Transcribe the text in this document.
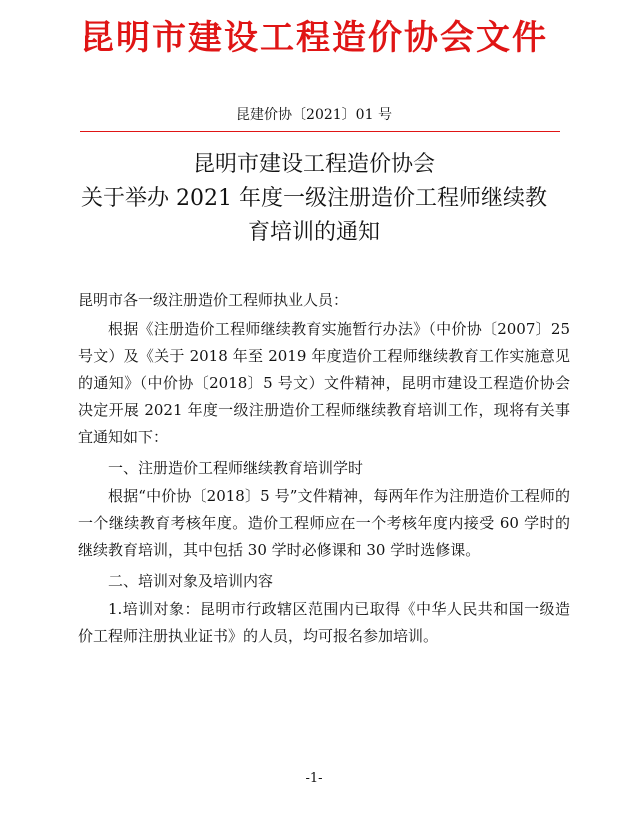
昆明市建设工程造价协会文件
昆建价协〔2021〕01 号
昆明市建设工程造价协会
关于举办 2021 年度一级注册造价工程师继续教
育培训的通知
昆明市各一级注册造价工程师执业人员：
根据《注册造价工程师继续教育实施暂行办法》（中价协〔2007〕25 号文）及《关于 2018 年至 2019 年度造价工程师继续教育工作实施意见的通知》（中价协〔2018〕5 号文）文件精神，昆明市建设工程造价协会决定开展 2021 年度一级注册造价工程师继续教育培训工作，现将有关事宜通知如下：
一、注册造价工程师继续教育培训学时
根据“中价协〔2018〕5 号”文件精神，每两年作为注册造价工程师的一个继续教育考核年度。造价工程师应在一个考核年度内接受 60 学时的继续教育培训，其中包括 30 学时必修课和 30 学时选修课。
二、培训对象及培训内容
1.培训对象：昆明市行政辖区范围内已取得《中华人民共和国一级造价工程师注册执业证书》的人员，均可报名参加培训。
-1-
